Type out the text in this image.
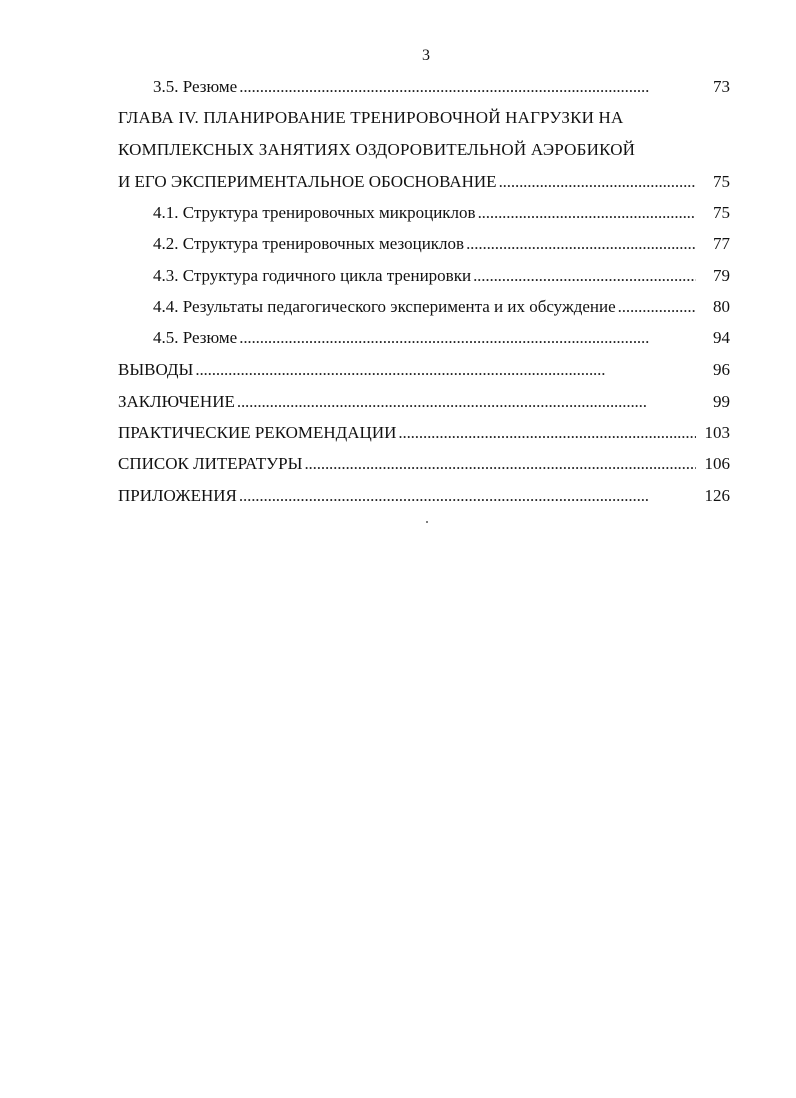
3
3.5. Резюме . . .	73
ГЛАВА IV. ПЛАНИРОВАНИЕ ТРЕНИРОВОЧНОЙ НАГРУЗКИ НА
КОМПЛЕКСНЫХ ЗАНЯТИЯХ ОЗДОРОВИТЕЛЬНОЙ АЭРОБИКОЙ
И ЕГО ЭКСПЕРИМЕНТАЛЬНОЕ ОБОСНОВАНИЕ . . .	75
4.1. Структура тренировочных микроциклов . . .	75
4.2. Структура тренировочных мезоциклов . . .	77
4.3. Структура годичного цикла тренировки . . .	79
4.4. Результаты педагогического эксперимента и их обсуждение . . .	80
4.5. Резюме . . .	94
ВЫВОДЫ . . .	96
ЗАКЛЮЧЕНИЕ . . .	99
ПРАКТИЧЕСКИЕ РЕКОМЕНДАЦИИ . . .	103
СПИСОК ЛИТЕРАТУРЫ . . .	106
ПРИЛОЖЕНИЯ . . .	126
